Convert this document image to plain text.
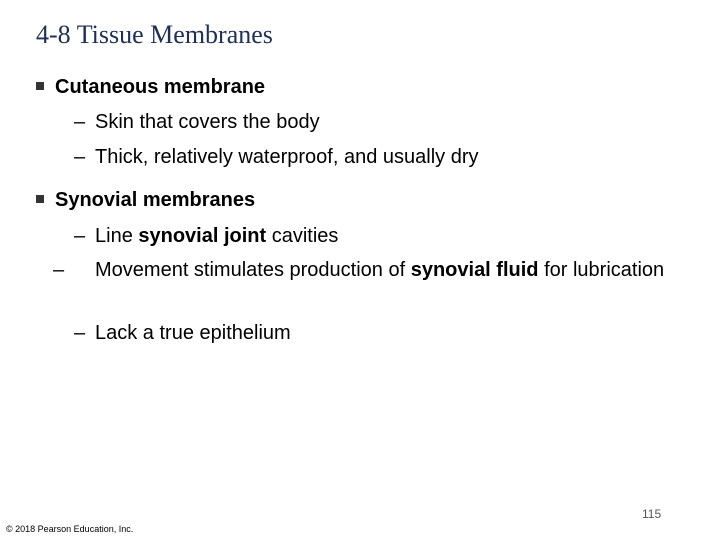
4-8 Tissue Membranes
Cutaneous membrane
– Skin that covers the body
– Thick, relatively waterproof, and usually dry
Synovial membranes
– Line synovial joint cavities
– Movement stimulates production of synovial fluid for lubrication
– Lack a true epithelium
115
© 2018 Pearson Education, Inc.
